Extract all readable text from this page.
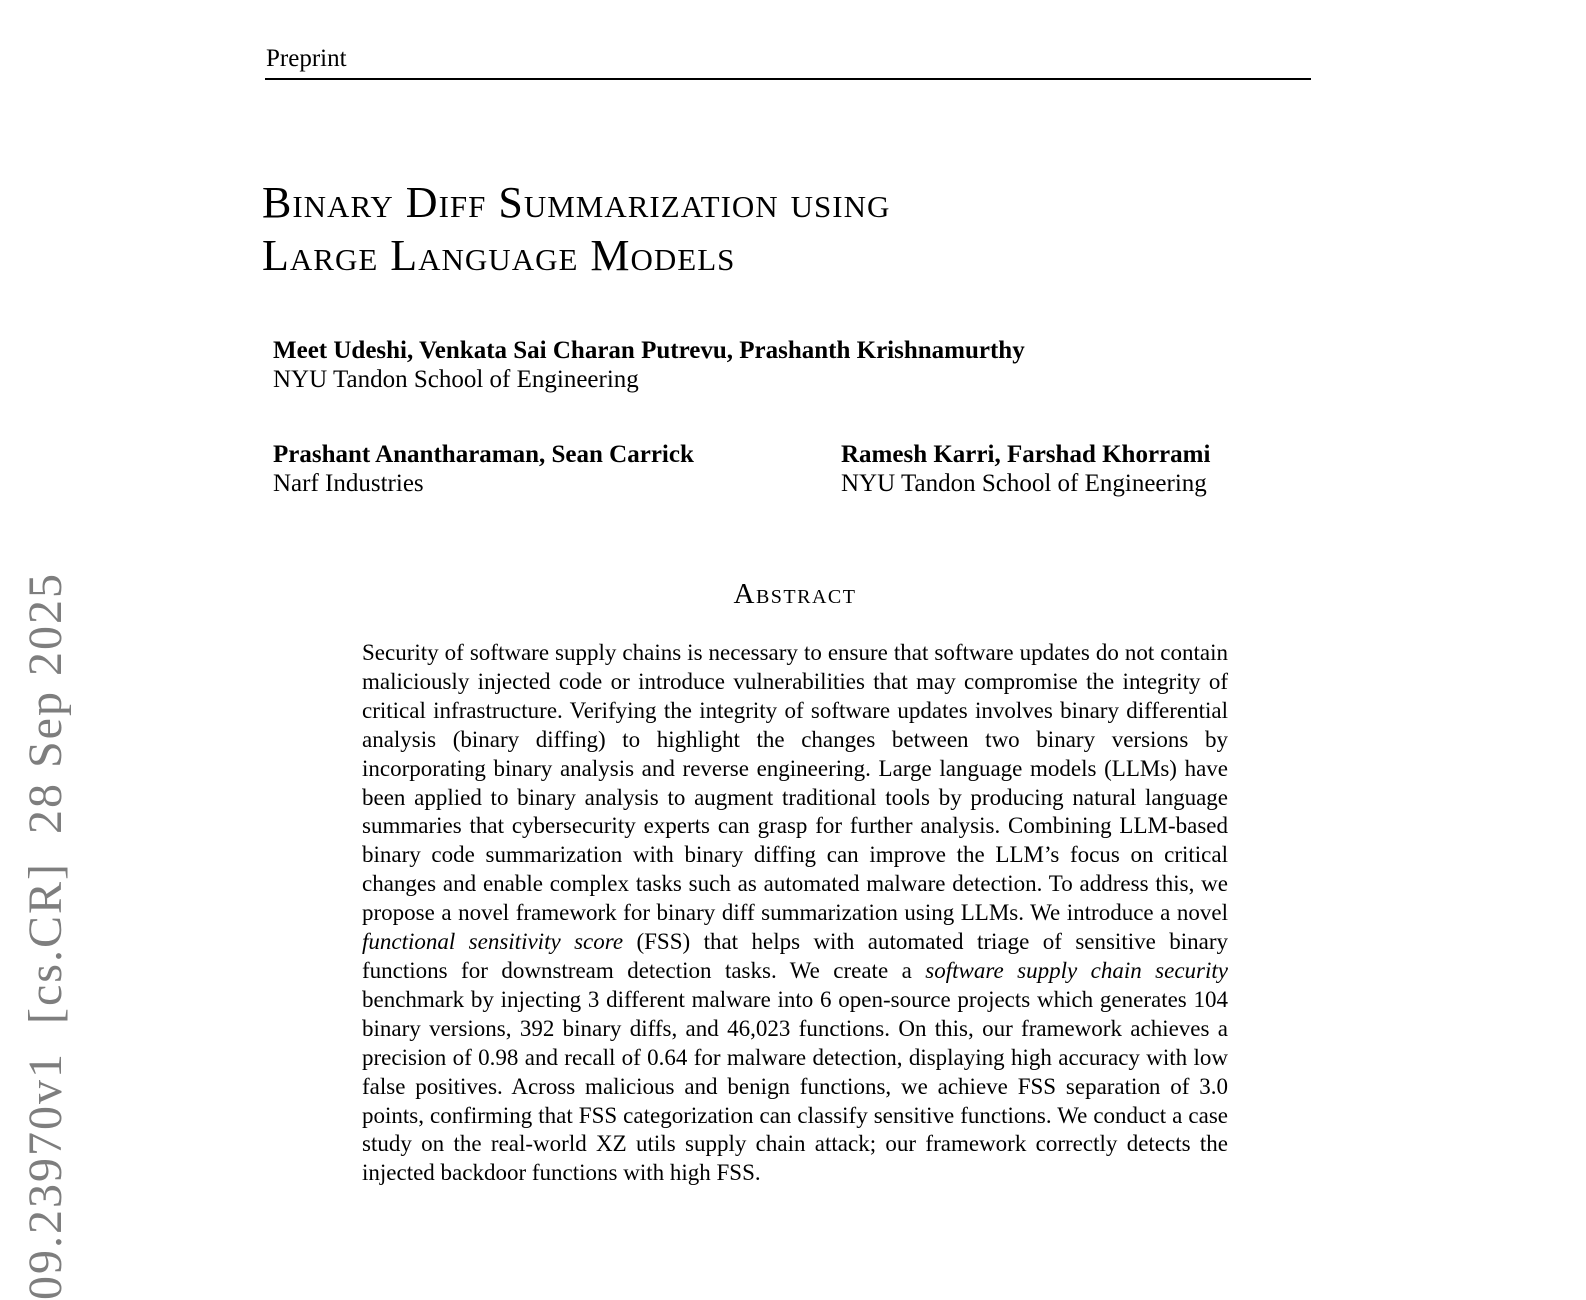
09.23970v1  [cs.CR]  28 Sep 2025
Preprint
Binary Diff Summarization using
Large Language Models
Meet Udeshi, Venkata Sai Charan Putrevu, Prashanth Krishnamurthy
NYU Tandon School of Engineering
Prashant Anantharaman, Sean Carrick
Narf Industries
Ramesh Karri, Farshad Khorrami
NYU Tandon School of Engineering
Abstract
Security of software supply chains is necessary to ensure that software updates do not contain maliciously injected code or introduce vulnerabilities that may compromise the integrity of critical infrastructure. Verifying the integrity of software updates involves binary differential analysis (binary diffing) to highlight the changes between two binary versions by incorporating binary analysis and reverse engineering. Large language models (LLMs) have been applied to binary analysis to augment traditional tools by producing natural language summaries that cybersecurity experts can grasp for further analysis. Combining LLM-based binary code summarization with binary diffing can improve the LLM’s focus on critical changes and enable complex tasks such as automated malware detection. To address this, we propose a novel framework for binary diff summarization using LLMs. We introduce a novel functional sensitivity score (FSS) that helps with automated triage of sensitive binary functions for downstream detection tasks. We create a software supply chain security benchmark by injecting 3 different malware into 6 open-source projects which generates 104 binary versions, 392 binary diffs, and 46,023 functions. On this, our framework achieves a precision of 0.98 and recall of 0.64 for malware detection, displaying high accuracy with low false positives. Across malicious and benign functions, we achieve FSS separation of 3.0 points, confirming that FSS categorization can classify sensitive functions. We conduct a case study on the real-world XZ utils supply chain attack; our framework correctly detects the injected backdoor functions with high FSS.
